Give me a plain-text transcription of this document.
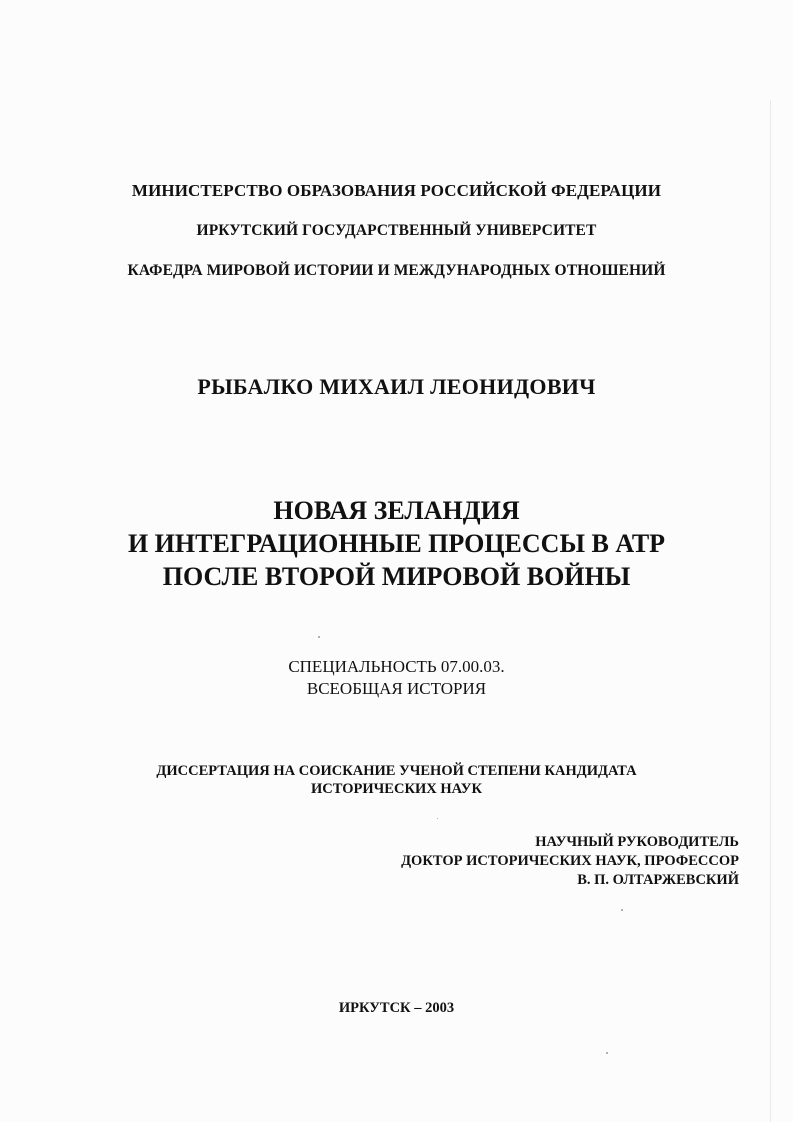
МИНИСТЕРСТВО ОБРАЗОВАНИЯ РОССИЙСКОЙ ФЕДЕРАЦИИ
ИРКУТСКИЙ ГОСУДАРСТВЕННЫЙ УНИВЕРСИТЕТ
КАФЕДРА МИРОВОЙ ИСТОРИИ И МЕЖДУНАРОДНЫХ ОТНОШЕНИЙ
РЫБАЛКО МИХАИЛ ЛЕОНИДОВИЧ
НОВАЯ ЗЕЛАНДИЯ
И ИНТЕГРАЦИОННЫЕ ПРОЦЕССЫ В АТР
ПОСЛЕ ВТОРОЙ МИРОВОЙ ВОЙНЫ
СПЕЦИАЛЬНОСТЬ 07.00.03.
ВСЕОБЩАЯ ИСТОРИЯ
ДИССЕРТАЦИЯ НА СОИСКАНИЕ УЧЕНОЙ СТЕПЕНИ КАНДИДАТА
ИСТОРИЧЕСКИХ НАУК
НАУЧНЫЙ РУКОВОДИТЕЛЬ
ДОКТОР ИСТОРИЧЕСКИХ НАУК, ПРОФЕССОР
В. П. ОЛТАРЖЕВСКИЙ
ИРКУТСК – 2003
